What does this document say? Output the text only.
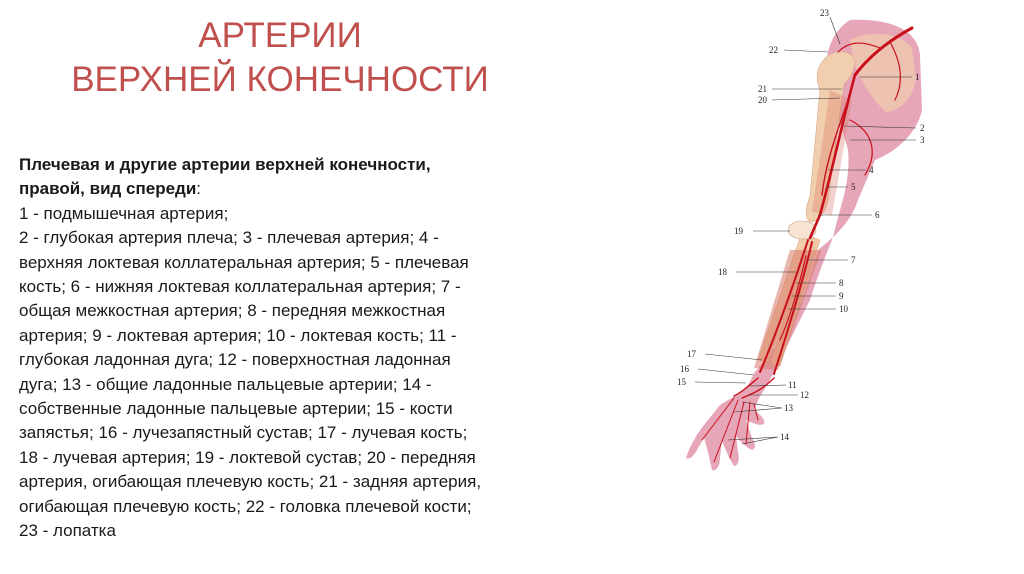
АРТЕРИИ
ВЕРХНЕЙ КОНЕЧНОСТИ
Плечевая и другие артерии верхней конечности,
правой, вид спереди:
1 - подмышечная артерия;
2 - глубокая артерия плеча; 3 - плечевая артерия; 4 -
верхняя локтевая коллатеральная артерия; 5 - плечевая
кость; 6 - нижняя локтевая коллатеральная артерия; 7 -
общая межкостная артерия; 8 - передняя межкостная
артерия; 9 - локтевая артерия; 10 - локтевая кость; 11 -
глубокая ладонная дуга; 12 - поверхностная ладонная
дуга; 13 - общие ладонные пальцевые артерии; 14 -
собственные ладонные пальцевые артерии; 15 - кости
запястья; 16 - лучезапястный сустав; 17 - лучевая кость;
18 - лучевая артерия; 19 - локтевой сустав; 20 - передняя
артерия, огибающая плечевую кость; 21 - задняя артерия,
огибающая плечевую кость; 22 - головка плечевой кости;
23 - лопатка
23
22
21
20
1
2
3
4
5
6
19
7
18
8
9
10
17
16
15	11
12
13
14
